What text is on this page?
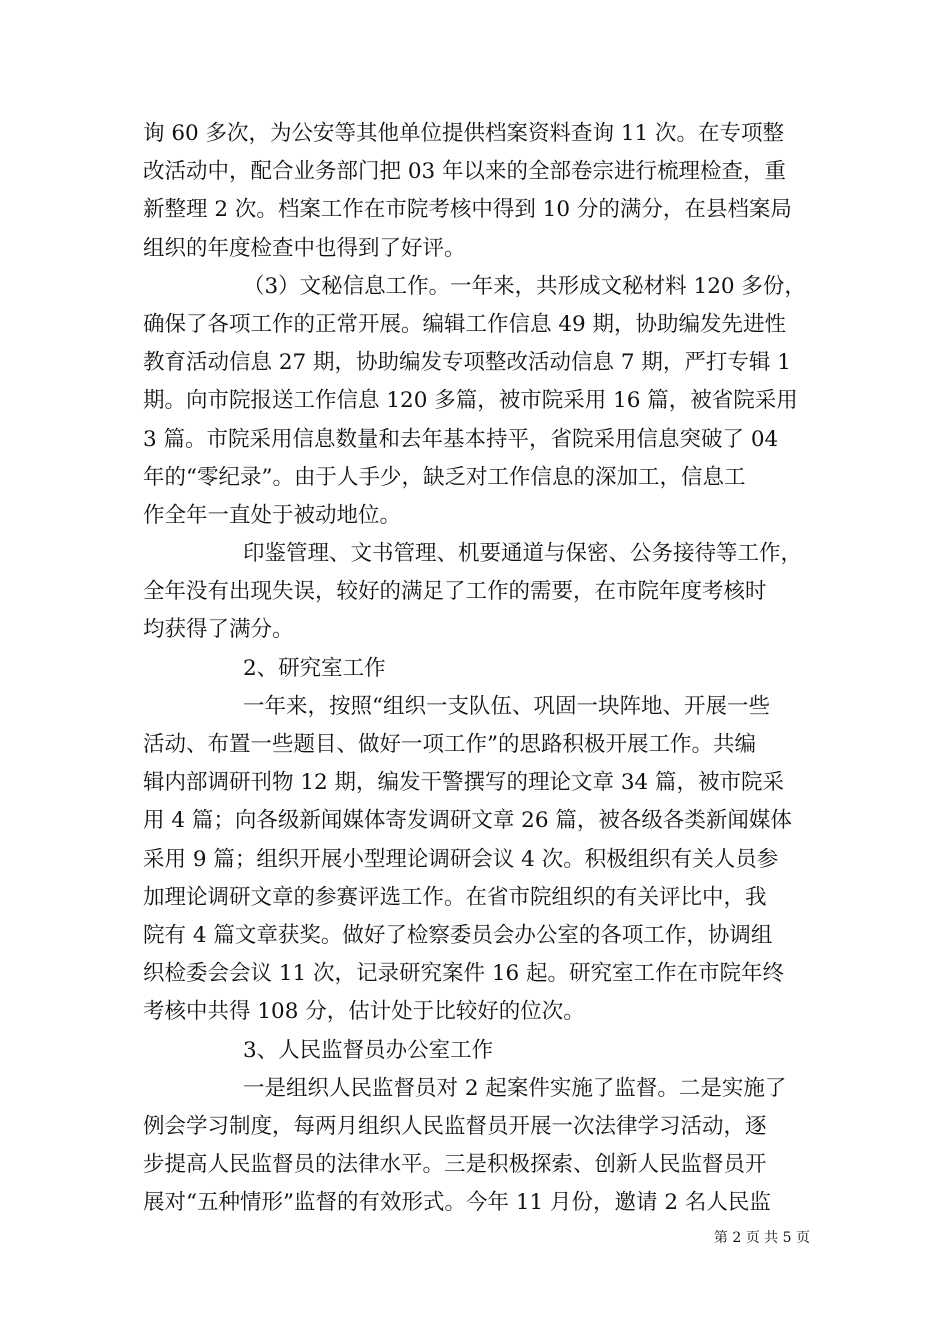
询 60 多次，为公安等其他单位提供档案资料查询 11 次。在专项整
改活动中，配合业务部门把 03 年以来的全部卷宗进行梳理检查，重
新整理 2 次。档案工作在市院考核中得到 10 分的满分，在县档案局
组织的年度检查中也得到了好评。
（3）文秘信息工作。一年来，共形成文秘材料 120 多份，
确保了各项工作的正常开展。编辑工作信息 49 期，协助编发先进性
教育活动信息 27 期，协助编发专项整改活动信息 7 期，严打专辑 1
期。向市院报送工作信息 120 多篇，被市院采用 16 篇，被省院采用
3 篇。市院采用信息数量和去年基本持平，省院采用信息突破了 04
年的“零纪录”。由于人手少，缺乏对工作信息的深加工，信息工
作全年一直处于被动地位。
印鉴管理、文书管理、机要通道与保密、公务接待等工作，
全年没有出现失误，较好的满足了工作的需要，在市院年度考核时
均获得了满分。
2、研究室工作
一年来，按照“组织一支队伍、巩固一块阵地、开展一些
活动、布置一些题目、做好一项工作”的思路积极开展工作。共编
辑内部调研刊物 12 期，编发干警撰写的理论文章 34 篇，被市院采
用 4 篇；向各级新闻媒体寄发调研文章 26 篇，被各级各类新闻媒体
采用 9 篇；组织开展小型理论调研会议 4 次。积极组织有关人员参
加理论调研文章的参赛评选工作。在省市院组织的有关评比中，我
院有 4 篇文章获奖。做好了检察委员会办公室的各项工作，协调组
织检委会会议 11 次，记录研究案件 16 起。研究室工作在市院年终
考核中共得 108 分，估计处于比较好的位次。
3、人民监督员办公室工作
一是组织人民监督员对 2 起案件实施了监督。二是实施了
例会学习制度，每两月组织人民监督员开展一次法律学习活动，逐
步提高人民监督员的法律水平。三是积极探索、创新人民监督员开
展对“五种情形”监督的有效形式。今年 11 月份，邀请 2 名人民监
第 2 页 共 5 页
